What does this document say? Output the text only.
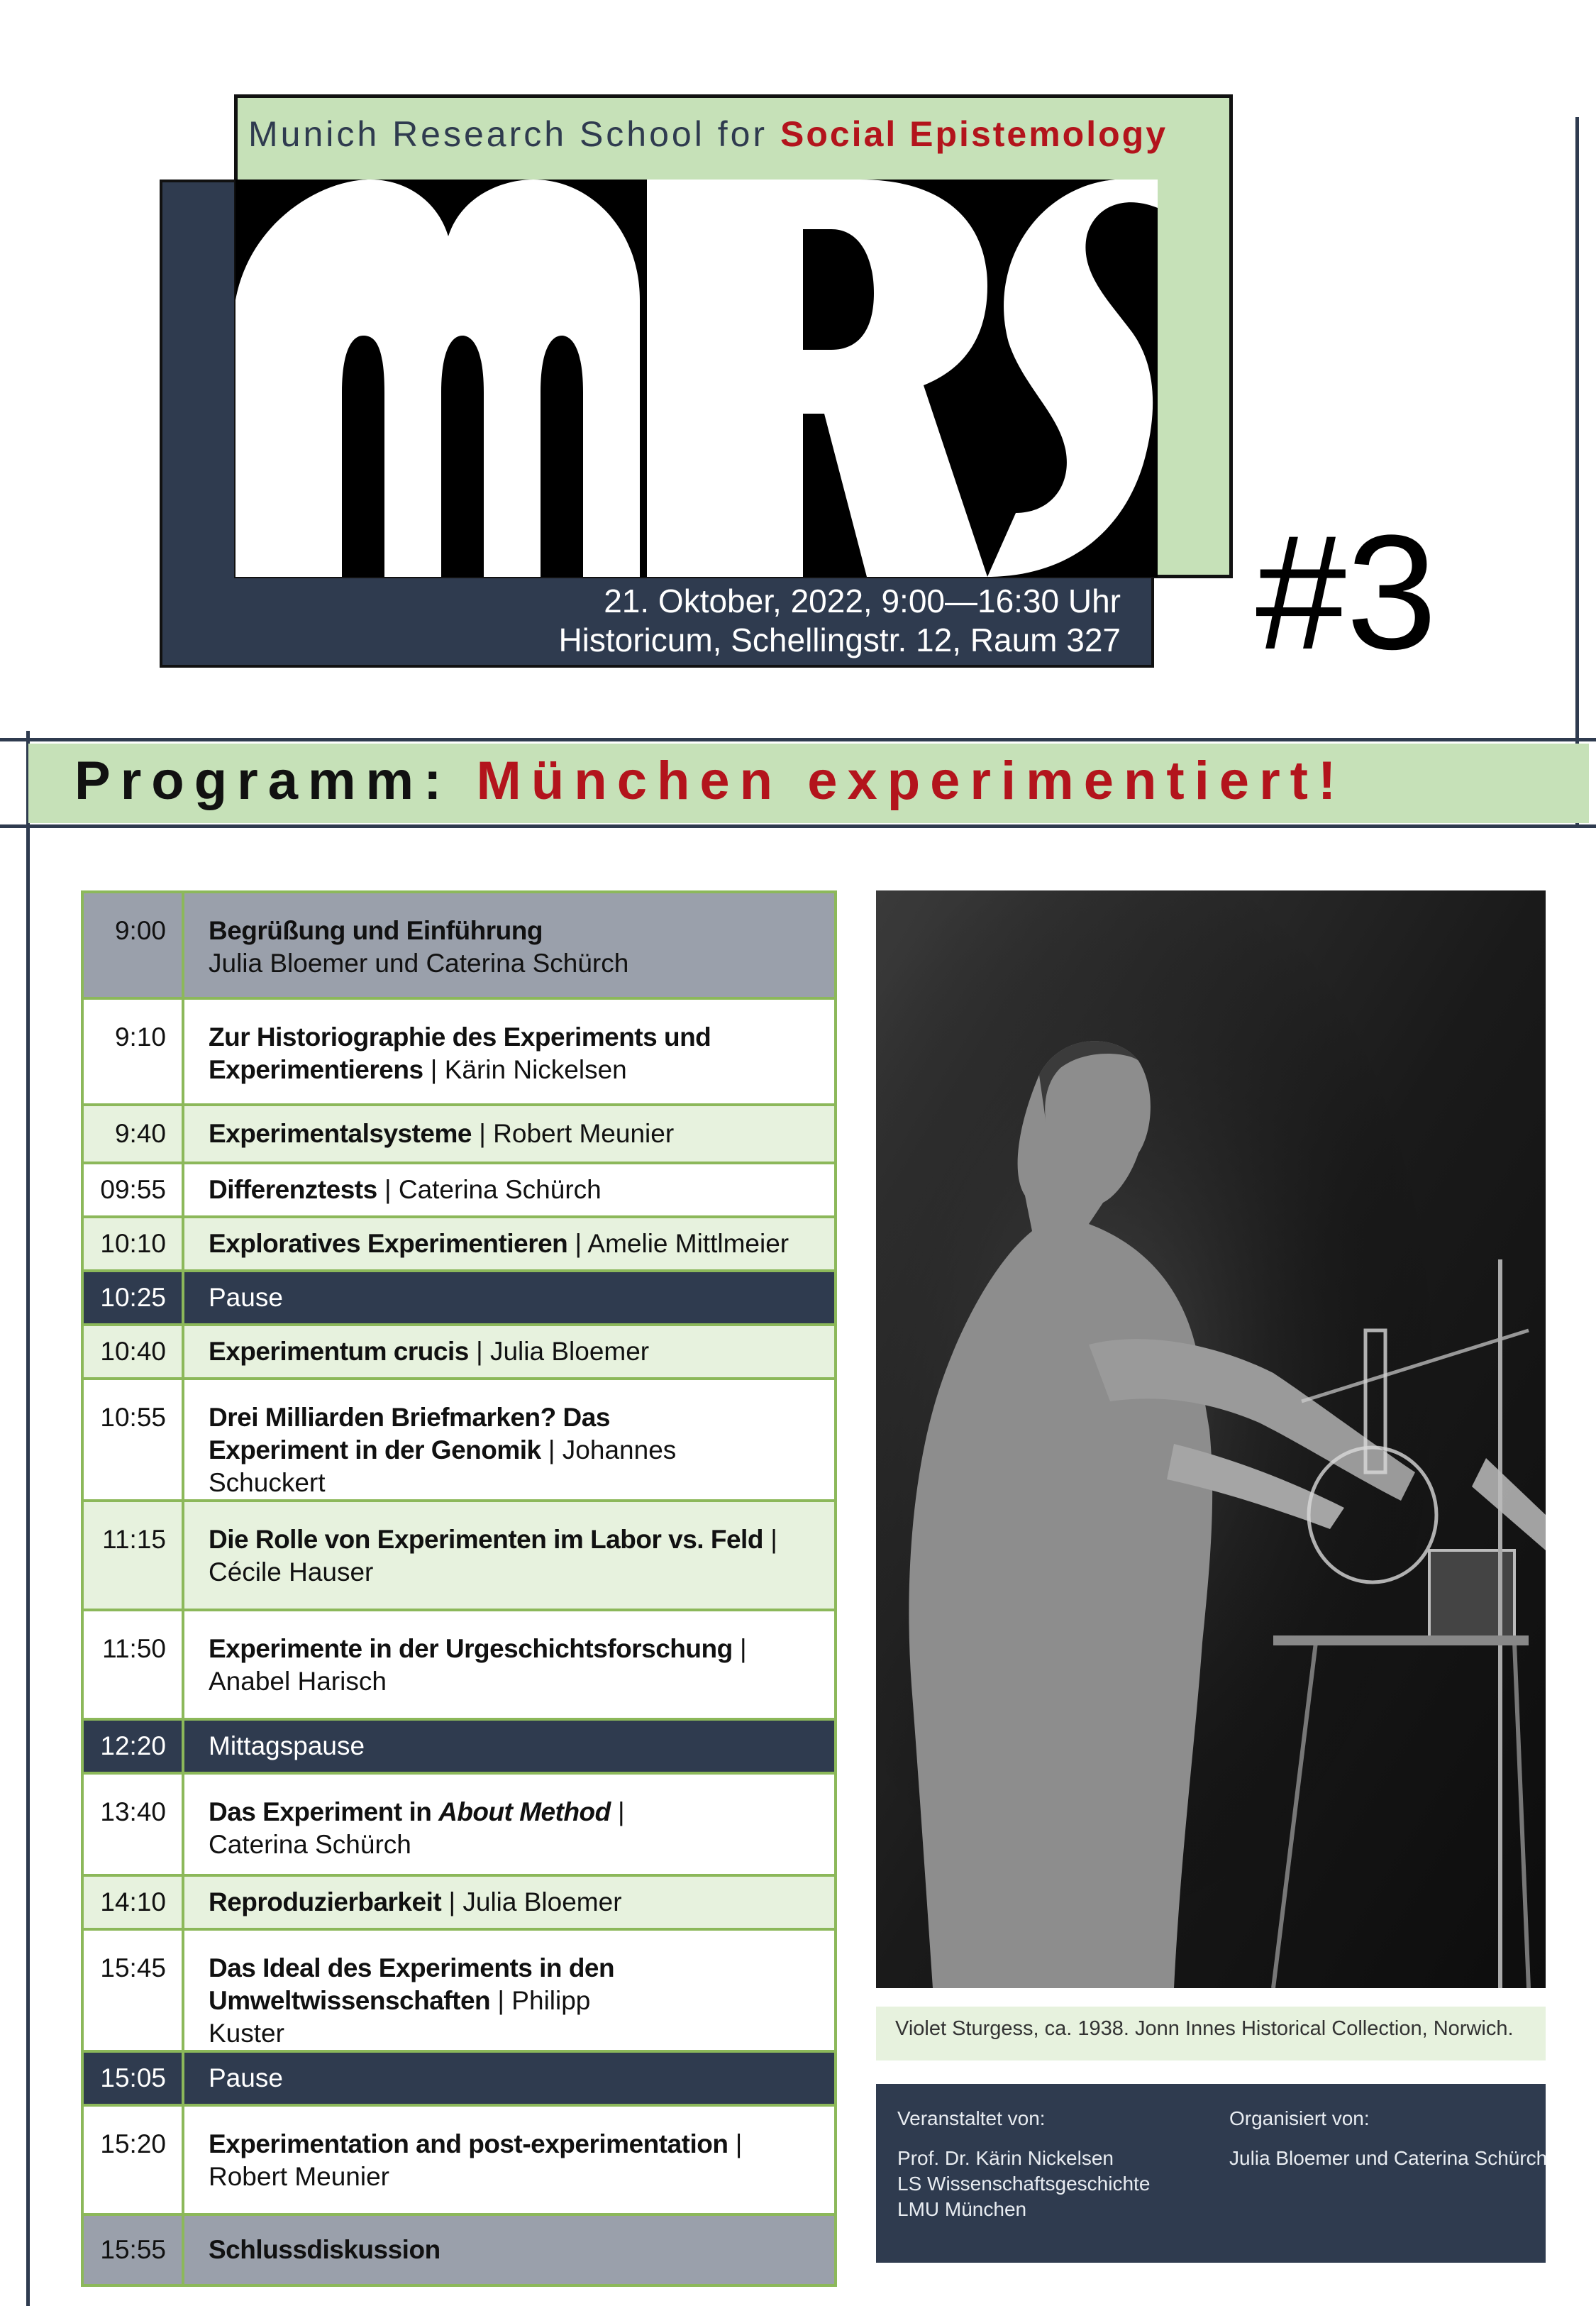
Munich Research School for Social Epistemology
21. Oktober, 2022, 9:00—16:30 Uhr
Historicum, Schellingstr. 12, Raum 327 #3
Programm: München experimentiert!
9:00	Begrüßung und Einführung
Julia Bloemer und Caterina Schürch
9:10	Zur Historiographie des Experiments und Experimentierens | Kärin Nickelsen
9:40	Experimentalsysteme | Robert Meunier
09:55	Differenztests | Caterina Schürch
10:10	Exploratives Experimentieren | Amelie Mittlmeier
10:25	Pause
10:40	Experimentum crucis | Julia Bloemer
10:55	Drei Milliarden Briefmarken? Das Experiment in der Genomik | Johannes Schuckert
11:15	Die Rolle von Experimenten im Labor vs. Feld | Cécile Hauser
11:50	Experimente in der Urgeschichtsforschung | Anabel Harisch
12:20	Mittagspause
13:40	Das Experiment in About Method | Caterina Schürch
14:10	Reproduzierbarkeit | Julia Bloemer
15:45	Das Ideal des Experiments in den Umweltwissenschaften | Philipp Kuster
15:05	Pause
15:20	Experimentation and post-experimentation | Robert Meunier
15:55	Schlussdiskussion
Violet Sturgess, ca. 1938. Jonn Innes Historical Collection, Norwich.
Veranstaltet von:
Prof. Dr. Kärin Nickelsen
LS Wissenschaftsgeschichte
LMU München
Organisiert von:
Julia Bloemer und Caterina Schürch
